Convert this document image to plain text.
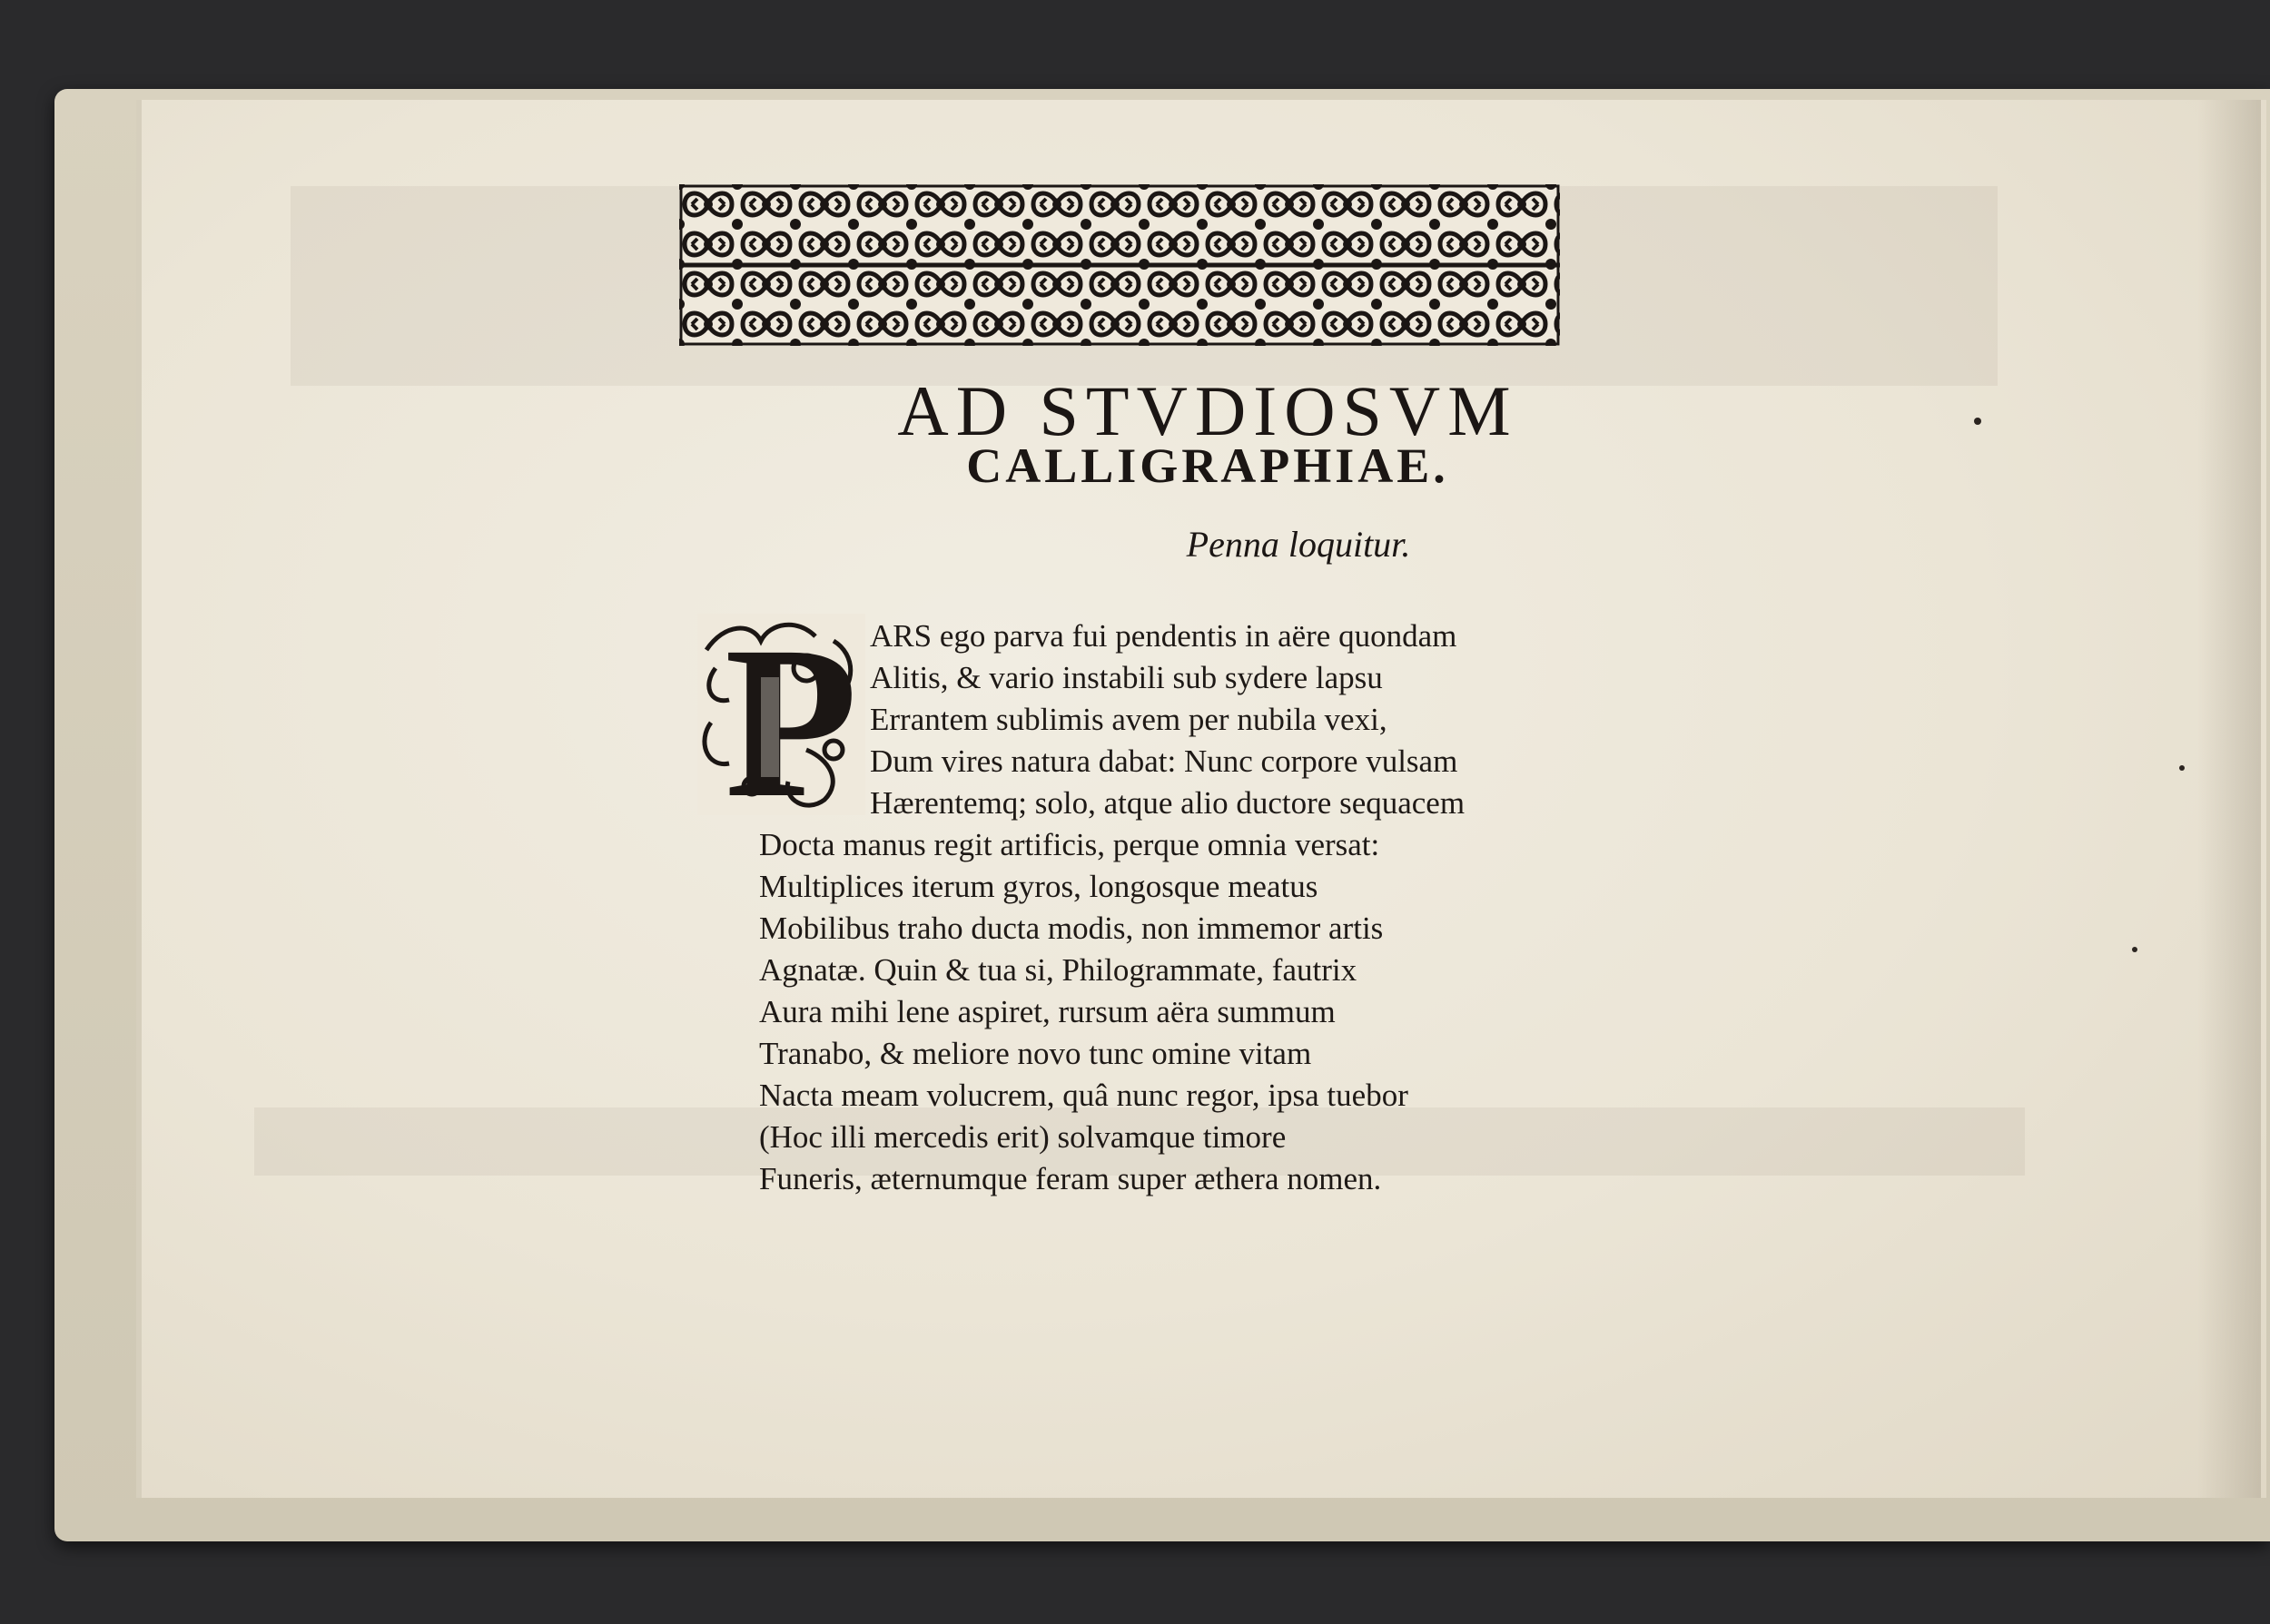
AD STVDIOSVM
CALLIGRAPHIAE.
Penna loquitur.
P ARS ego parva fui pendentis in aëre quondam
Alitis, & vario instabili sub sydere lapsu
Errantem sublimis avem per nubila vexi,
Dum vires natura dabat: Nunc corpore vulsam
Hærentemq; solo, atque alio ductore sequacem
Docta manus regit artificis, perque omnia versat:
Multiplices iterum gyros, longosque meatus
Mobilibus traho ducta modis, non immemor artis
Agnatæ. Quin & tua si, Philogrammate, fautrix
Aura mihi lene aspiret, rursum aëra summum
Tranabo, & meliore novo tunc omine vitam
Nacta meam volucrem, quâ nunc regor, ipsa tuebor
(Hoc illi mercedis erit) solvamque timore
Funeris, æternumque feram super æthera nomen.
